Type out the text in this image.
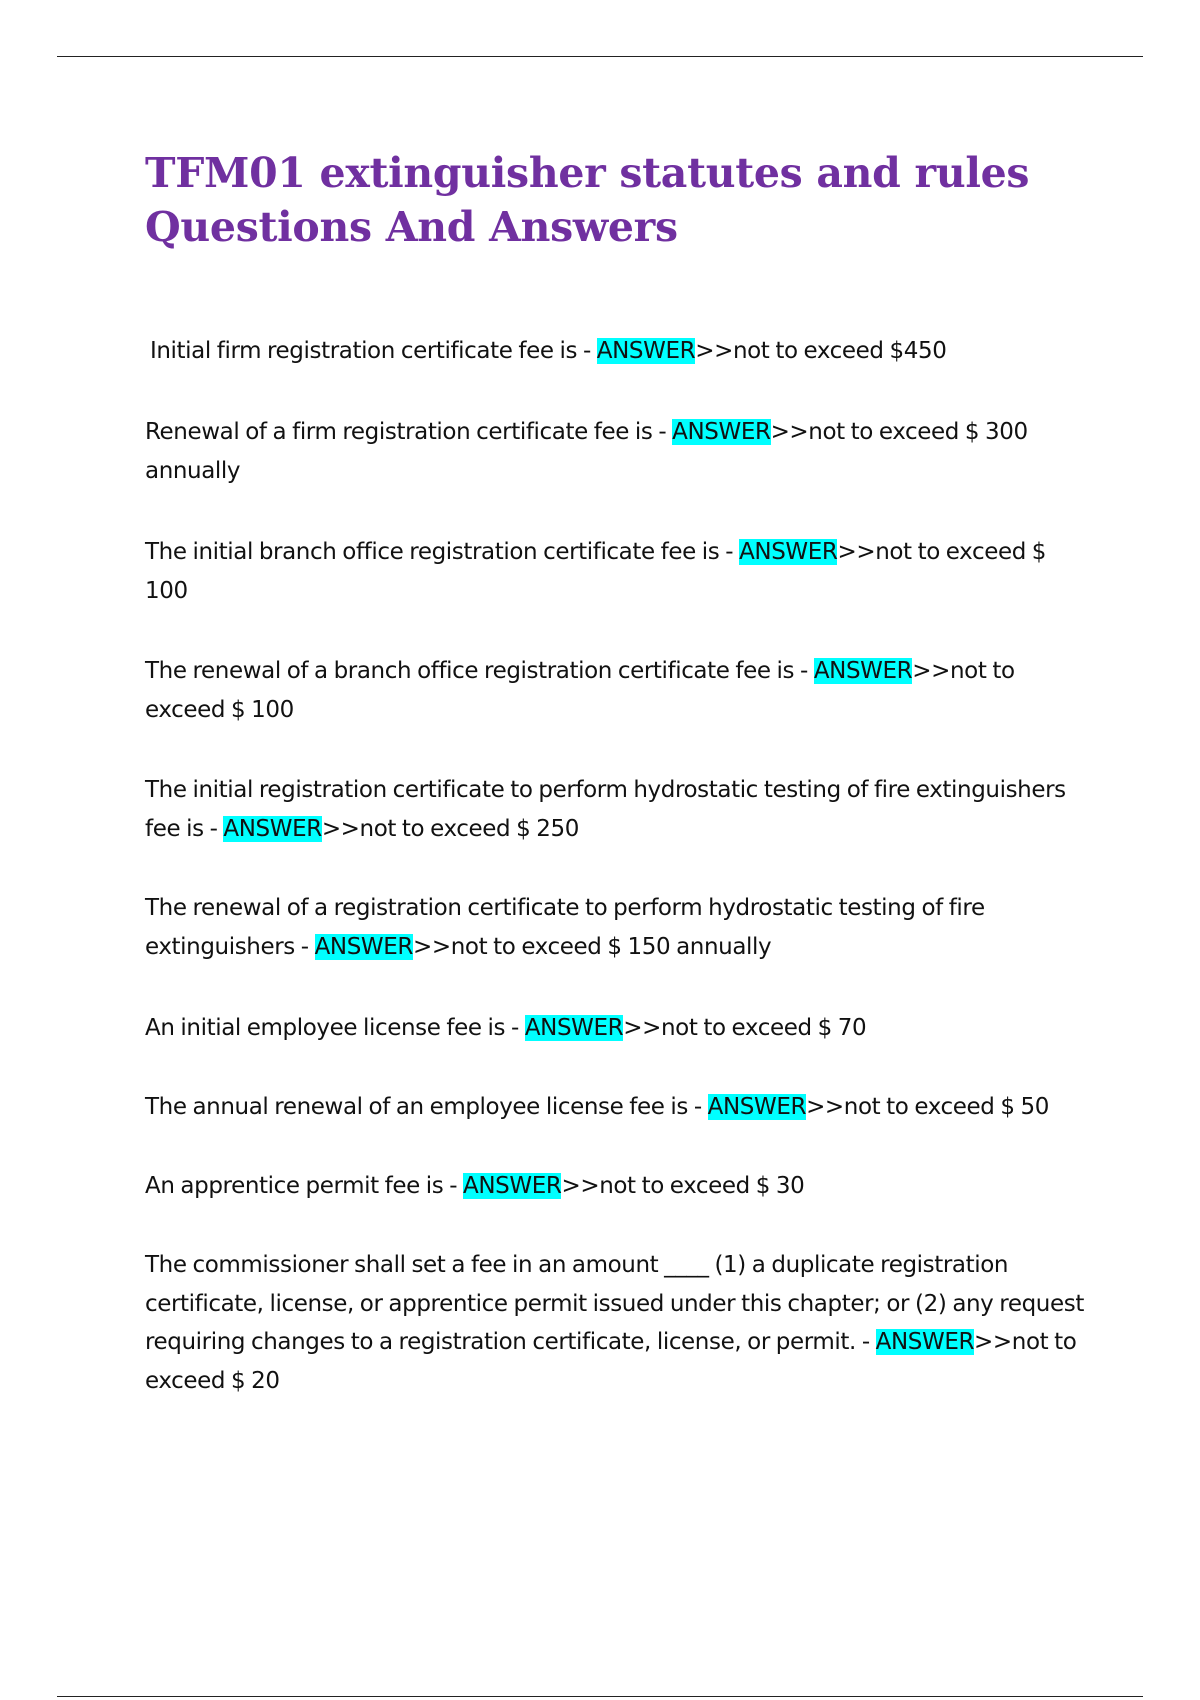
TFM01 extinguisher statutes and rules Questions And Answers
Initial firm registration certificate fee is - ANSWER>>not to exceed $450
Renewal of a firm registration certificate fee is - ANSWER>>not to exceed $ 300 annually
The initial branch office registration certificate fee is - ANSWER>>not to exceed $ 100
The renewal of a branch office registration certificate fee is - ANSWER>>not to exceed $ 100
The initial registration certificate to perform hydrostatic testing of fire extinguishers fee is - ANSWER>>not to exceed $ 250
The renewal of a registration certificate to perform hydrostatic testing of fire extinguishers - ANSWER>>not to exceed $ 150 annually
An initial employee license fee is - ANSWER>>not to exceed $ 70
The annual renewal of an employee license fee is - ANSWER>>not to exceed $ 50
An apprentice permit fee is - ANSWER>>not to exceed $ 30
The commissioner shall set a fee in an amount ____ (1) a duplicate registration certificate, license, or apprentice permit issued under this chapter; or (2) any request requiring changes to a registration certificate, license, or permit. - ANSWER>>not to exceed $ 20
